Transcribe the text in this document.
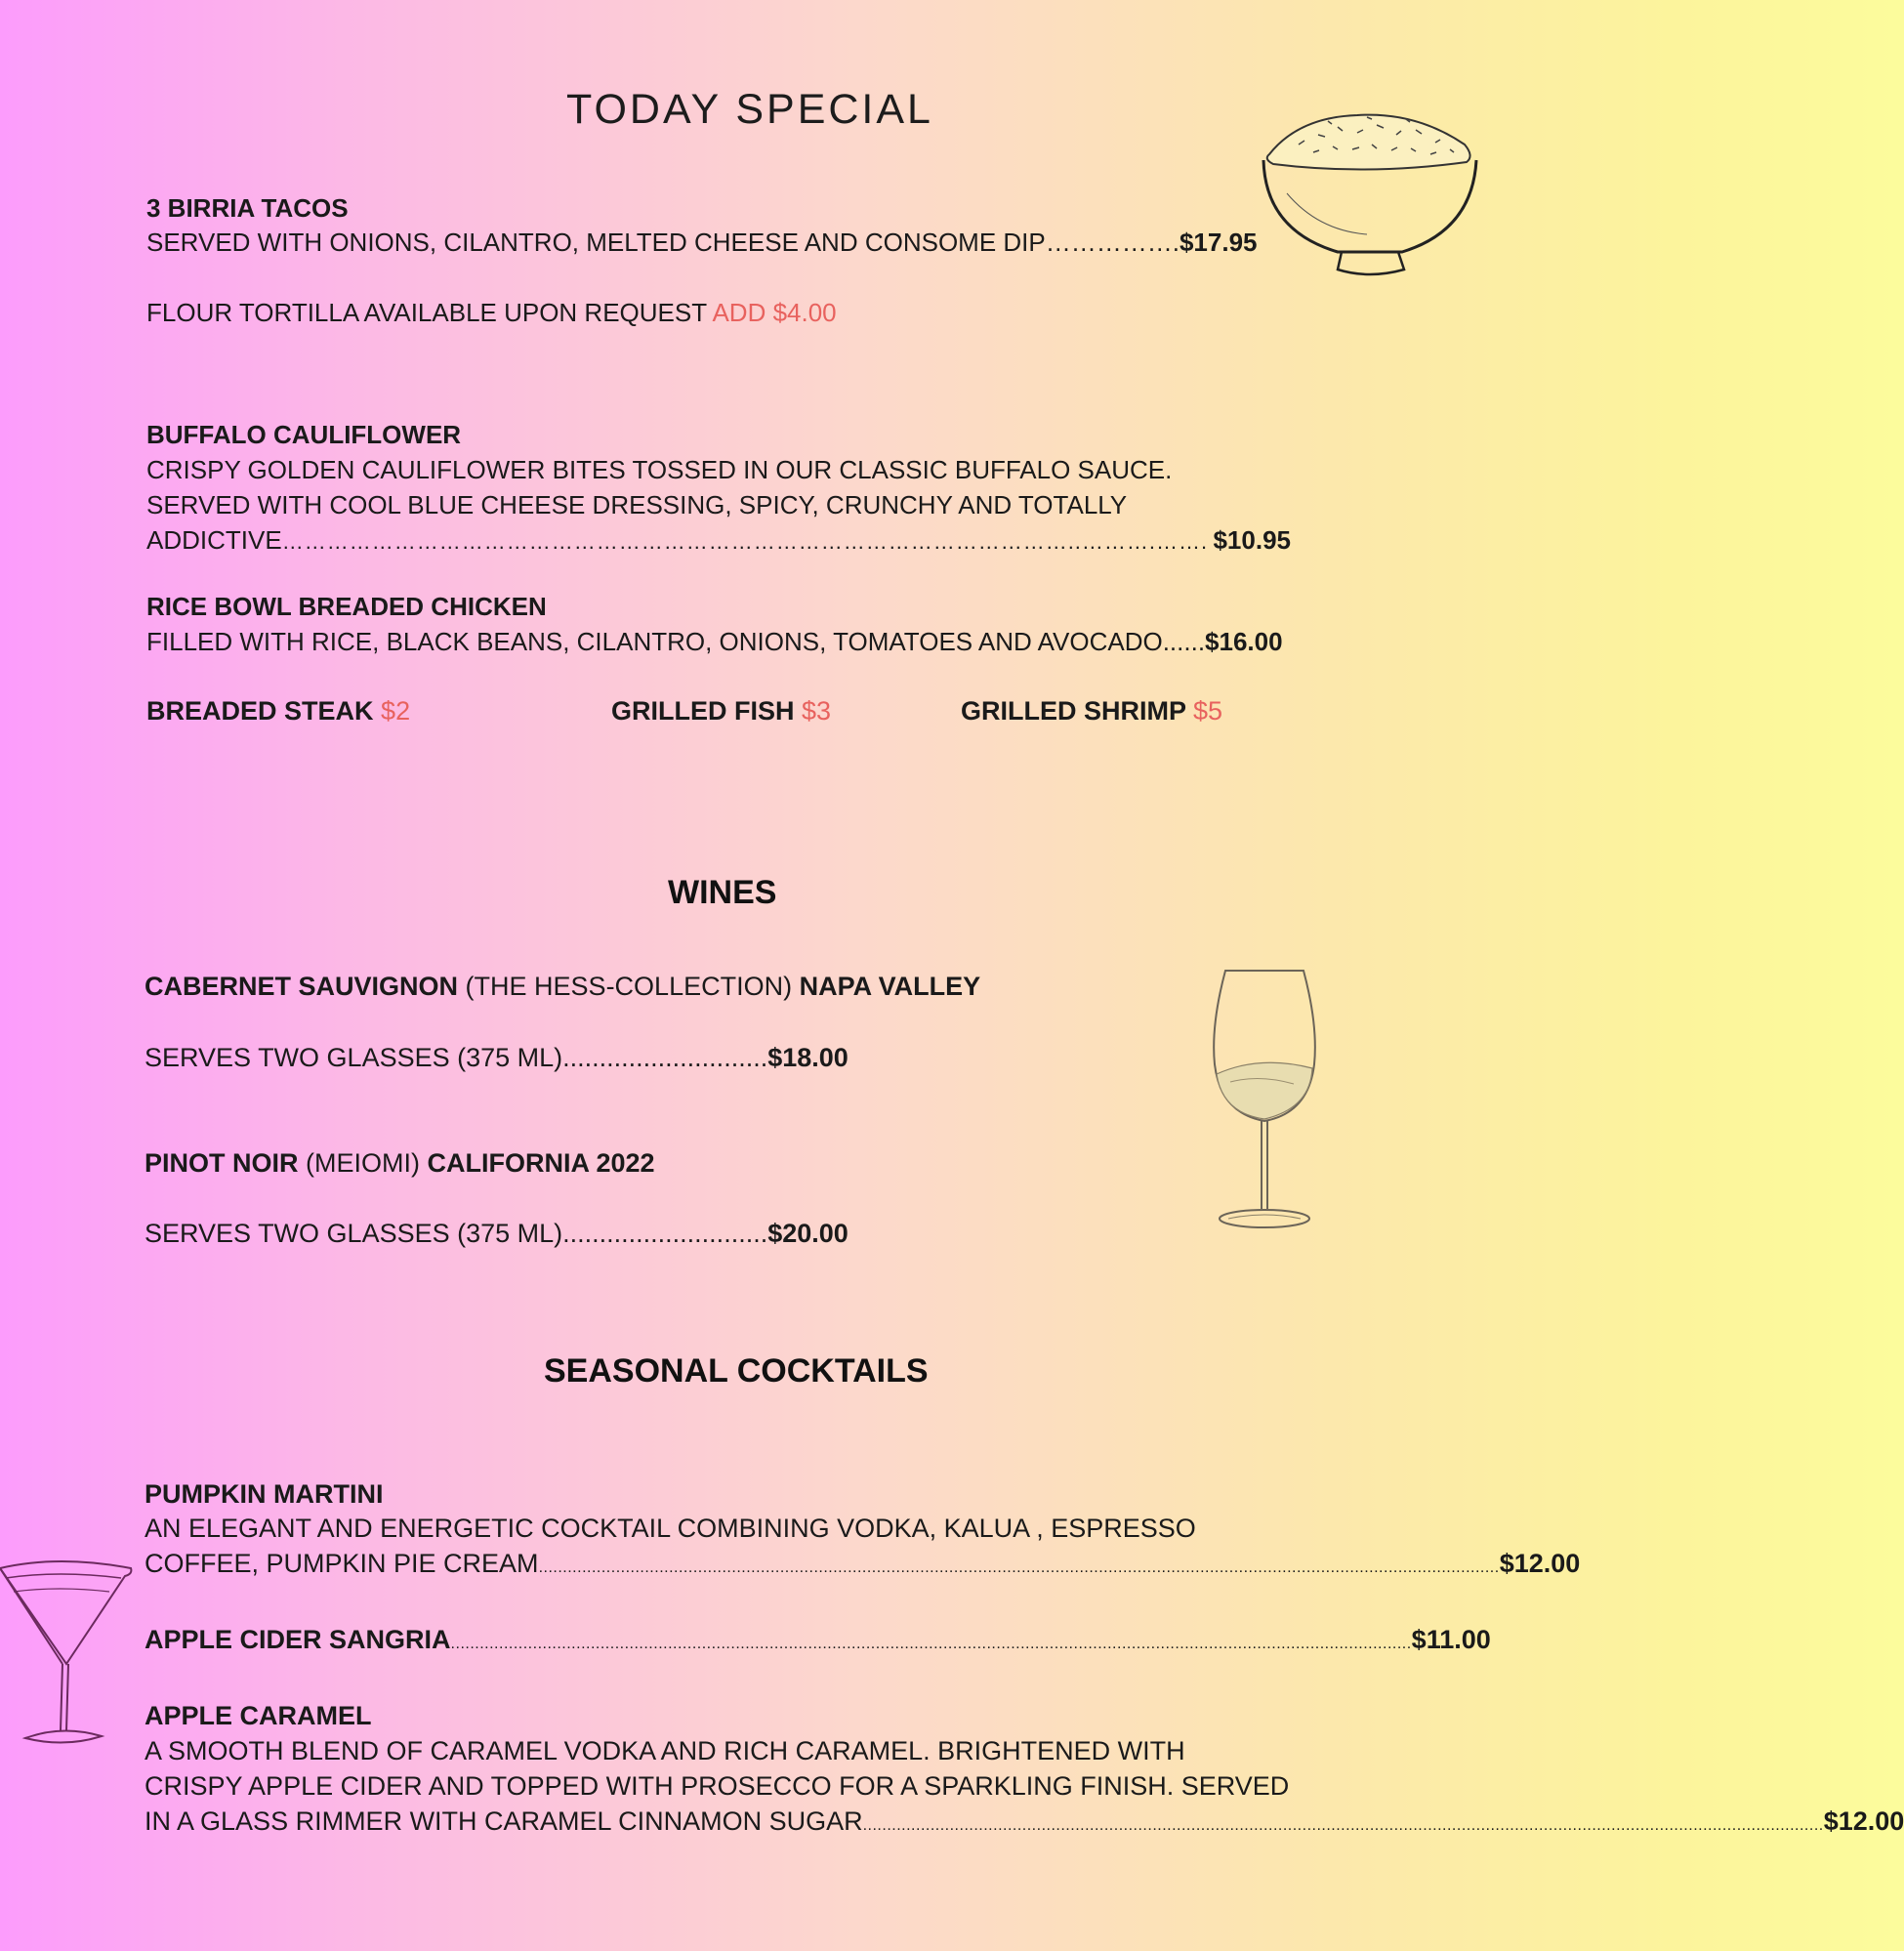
TODAY SPECIAL
3 BIRRIA TACOS
SERVED WITH ONIONS, CILANTRO, MELTED CHEESE AND CONSOME DIP…………….$17.95
FLOUR TORTILLA AVAILABLE UPON REQUEST ADD $4.00
BUFFALO CAULIFLOWER
CRISPY GOLDEN CAULIFLOWER BITES TOSSED IN OUR CLASSIC BUFFALO SAUCE.
SERVED WITH COOL BLUE CHEESE DRESSING, SPICY, CRUNCHY AND TOTALLY
ADDICTIVE ……………………………………………………………………………………………..……….……. $10.95
RICE BOWL BREADED CHICKEN
FILLED WITH RICE, BLACK BEANS, CILANTRO, ONIONS, TOMATOES AND AVOCADO......$16.00
BREADED STEAK $2	GRILLED FISH $3	GRILLED SHRIMP $5
WINES
CABERNET SAUVIGNON (THE HESS-COLLECTION) NAPA VALLEY
SERVES TWO GLASSES (375 ML)............................$18.00
PINOT NOIR (MEIOMI) CALIFORNIA 2022
SERVES TWO GLASSES (375 ML)............................$20.00
SEASONAL COCKTAILS
PUMPKIN MARTINI
AN ELEGANT AND ENERGETIC COCKTAIL COMBINING VODKA, KALUA , ESPRESSO
COFFEE, PUMPKIN PIE CREAM ....................................................................................................................................................................................................... $12.00
APPLE CIDER SANGRIA ....................................................................................................................................................................................................... $11.00
APPLE CARAMEL
A SMOOTH BLEND OF CARAMEL VODKA AND RICH CARAMEL. BRIGHTENED WITH
CRISPY APPLE CIDER AND TOPPED WITH PROSECCO FOR A SPARKLING FINISH. SERVED
IN A GLASS RIMMER WITH CARAMEL CINNAMON SUGAR ....................................................................................................................................................................................................... $12.00
